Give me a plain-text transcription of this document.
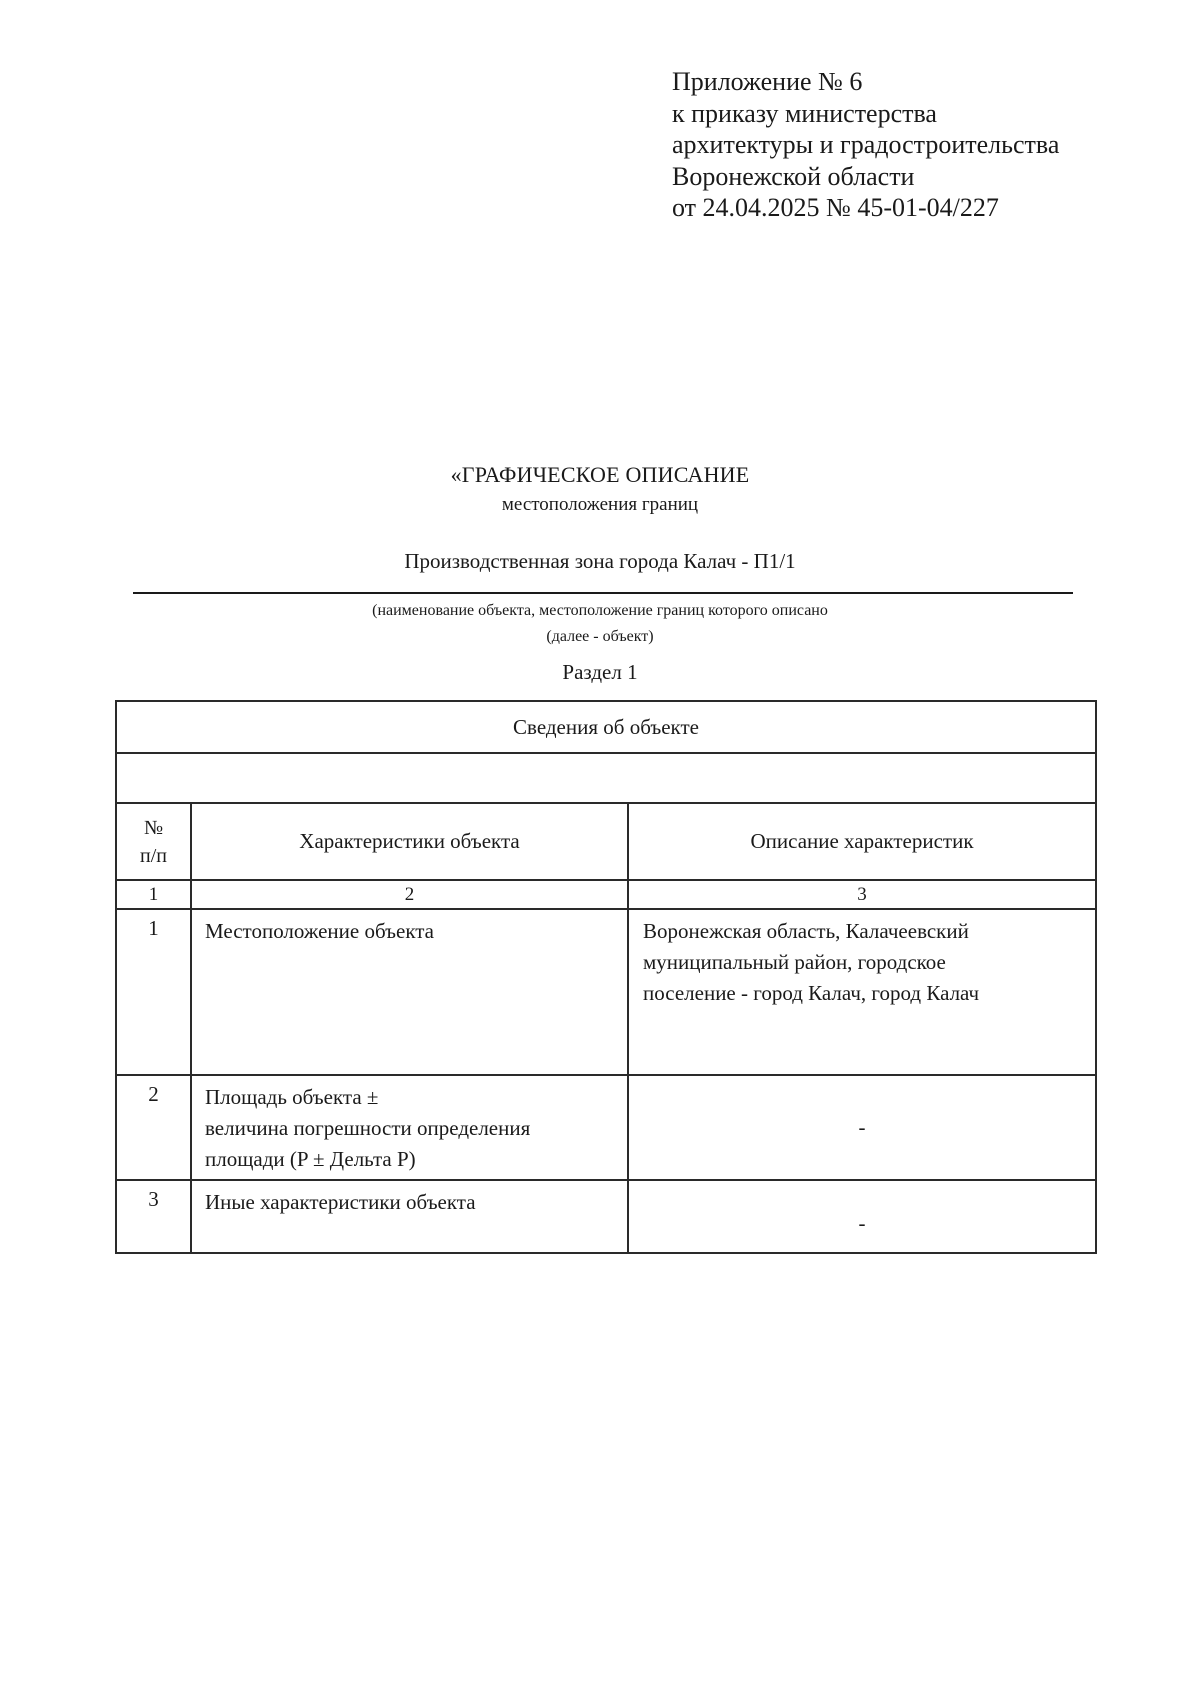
Приложение № 6
к приказу министерства
архитектуры и градостроительства
Воронежской области
от 24.04.2025 № 45-01-04/227
«ГРАФИЧЕСКОЕ ОПИСАНИЕ
местоположения границ
Производственная зона города Калач - П1/1
(наименование объекта, местоположение границ которого описано
(далее - объект)
Раздел 1
Сведения об объекте		

№
п/п	Характеристики объекта	Описание характеристик
1	2	3
1	Местоположение объекта	Воронежская область, Калачеевский
муниципальный район, городское
поселение - город Калач, город Калач

2	Площадь объекта ±
величина погрешности определения
площади (P ± Дельта P)	-
3	Иные характеристики объекта	-
